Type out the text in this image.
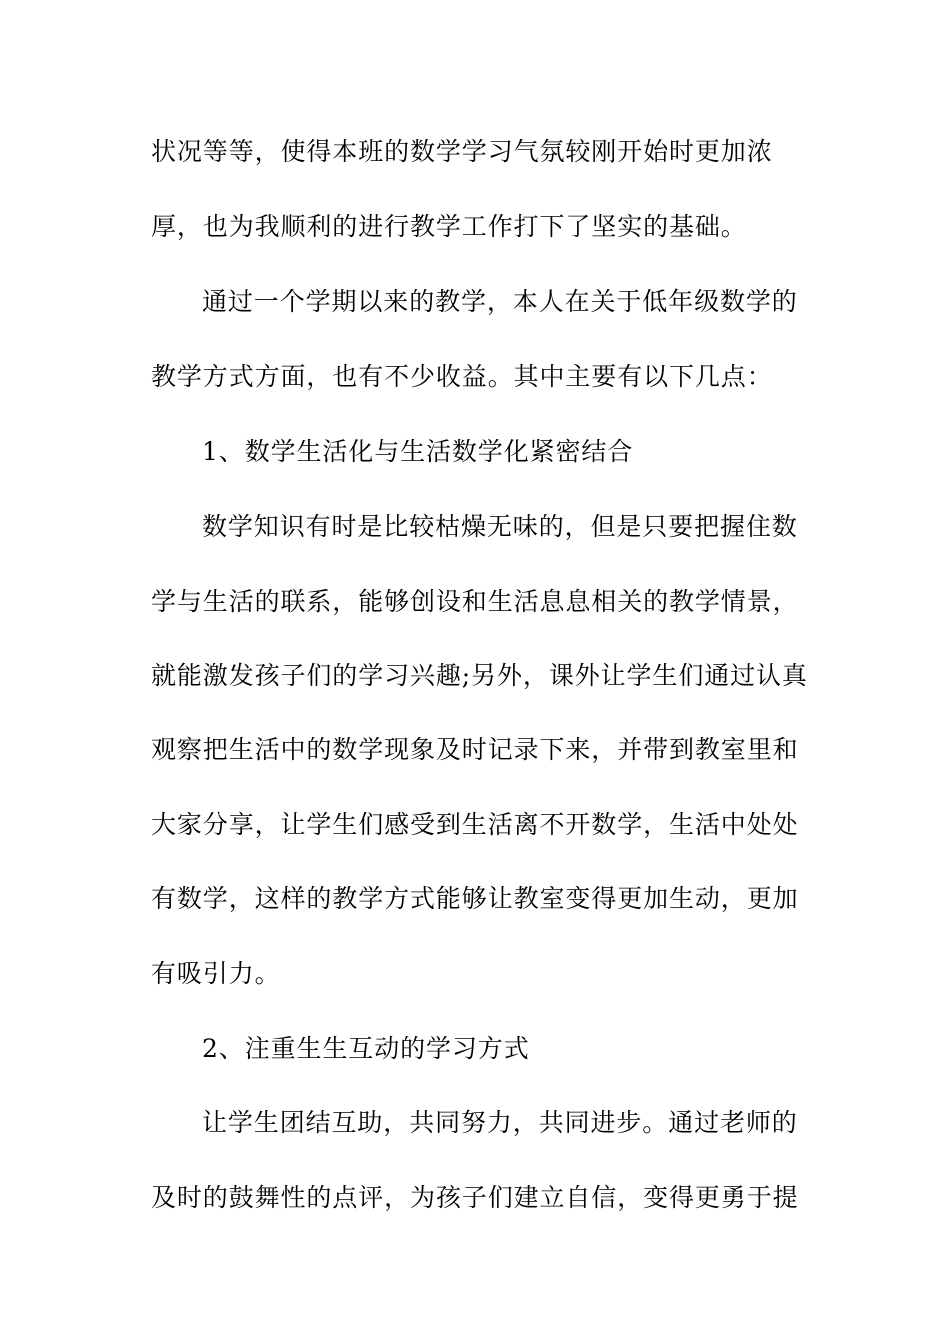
状况等等，使得本班的数学学习气氛较刚开始时更加浓
厚，也为我顺利的进行教学工作打下了坚实的基础。
通过一个学期以来的教学，本人在关于低年级数学的
教学方式方面，也有不少收益。其中主要有以下几点：
1、数学生活化与生活数学化紧密结合
数学知识有时是比较枯燥无味的，但是只要把握住数
学与生活的联系，能够创设和生活息息相关的教学情景，
就能激发孩子们的学习兴趣;另外，课外让学生们通过认真
观察把生活中的数学现象及时记录下来，并带到教室里和
大家分享，让学生们感受到生活离不开数学，生活中处处
有数学，这样的教学方式能够让教室变得更加生动，更加
有吸引力。
2、注重生生互动的学习方式
让学生团结互助，共同努力，共同进步。通过老师的
及时的鼓舞性的点评，为孩子们建立自信，变得更勇于提
